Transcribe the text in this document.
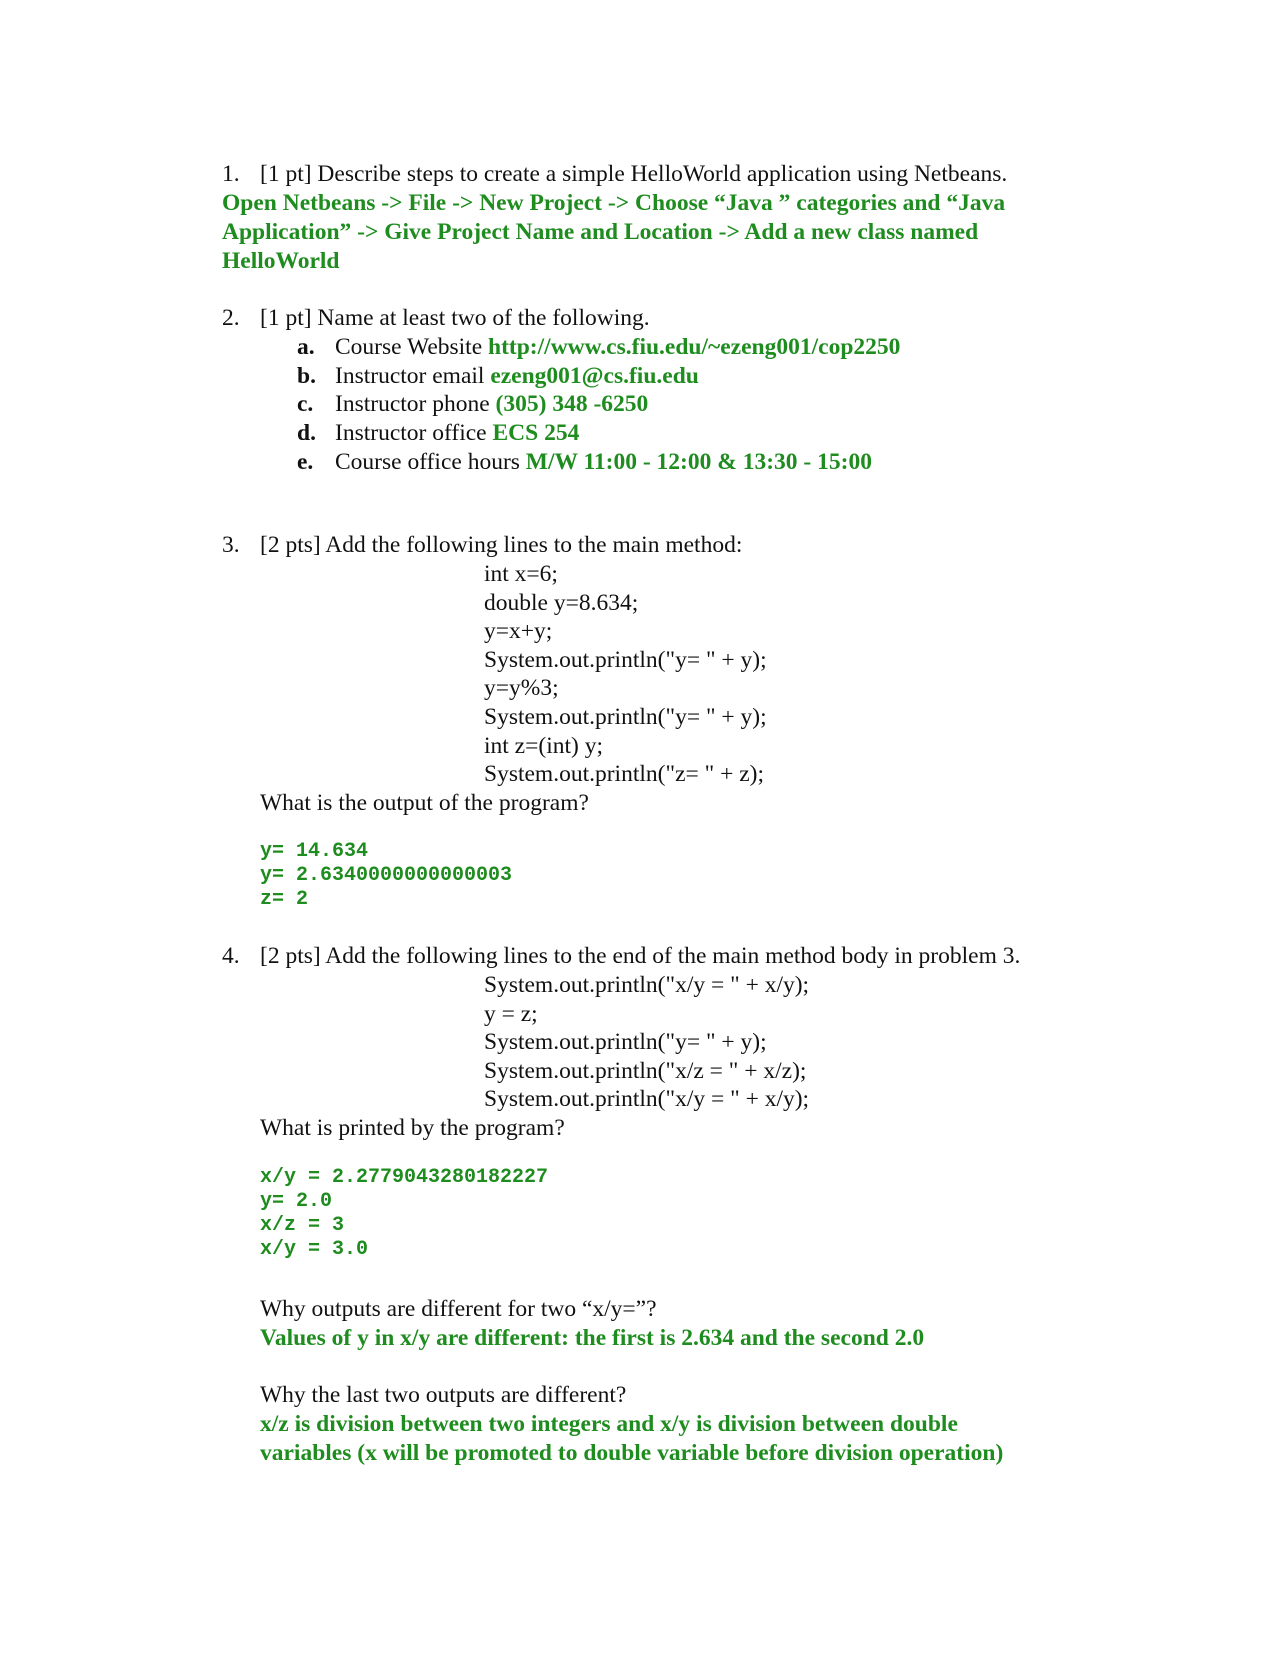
1. [1 pt] Describe steps to create a simple HelloWorld application using Netbeans.
Open Netbeans -> File -> New Project -> Choose “Java ” categories and “Java
Application” -> Give Project Name and Location -> Add a new class named
HelloWorld
2. [1 pt] Name at least two of the following.
a. Course Website http://www.cs.fiu.edu/~ezeng001/cop2250
b. Instructor email ezeng001@cs.fiu.edu
c. Instructor phone (305) 348 -6250
d. Instructor office ECS 254
e. Course office hours M/W 11:00 - 12:00 & 13:30 - 15:00
3. [2 pts] Add the following lines to the main method:
int x=6;
double y=8.634;
y=x+y;
System.out.println("y= " + y);
y=y%3;
System.out.println("y= " + y);
int z=(int) y;
System.out.println("z= " + z);
What is the output of the program?
y= 14.634
y= 2.6340000000000003
z= 2
4. [2 pts] Add the following lines to the end of the main method body in problem 3.
System.out.println("x/y = " + x/y);
y = z;
System.out.println("y= " + y);
System.out.println("x/z = " + x/z);
System.out.println("x/y = " + x/y);
What is printed by the program?
x/y = 2.2779043280182227
y= 2.0
x/z = 3
x/y = 3.0
Why outputs are different for two “x/y=”?
Values of y in x/y are different: the first is 2.634 and the second 2.0
Why the last two outputs are different?
x/z is division between two integers and x/y is division between double
variables (x will be promoted to double variable before division operation)
